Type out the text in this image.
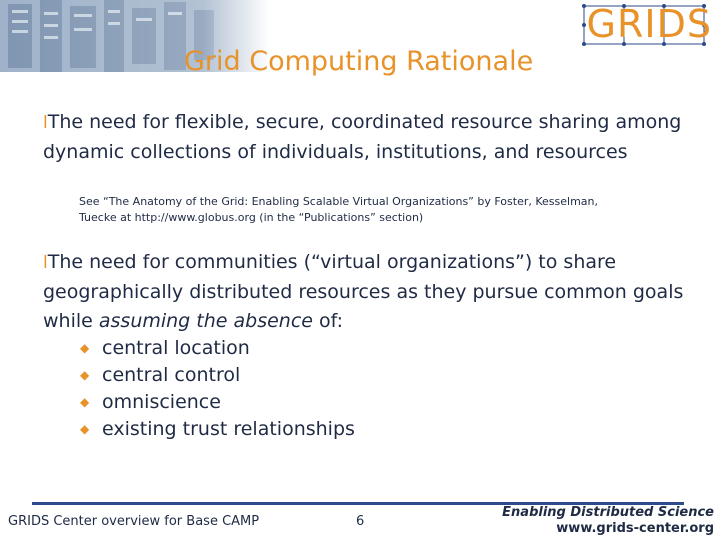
GRIDS
Grid Computing Rationale
lThe need for flexible, secure, coordinated resource sharing among dynamic collections of individuals, institutions, and resources
See “The Anatomy of the Grid: Enabling Scalable Virtual Organizations” by Foster, Kesselman, Tuecke at http://www.globus.org (in the “Publications” section)
lThe need for communities (“virtual organizations”) to share geographically distributed resources as they pursue common goals while assuming the absence of:
◆ central location
◆ central control
◆ omniscience
◆ existing trust relationships
GRIDS Center overview for Base CAMP	6
Enabling Distributed Science
www.grids-center.org
